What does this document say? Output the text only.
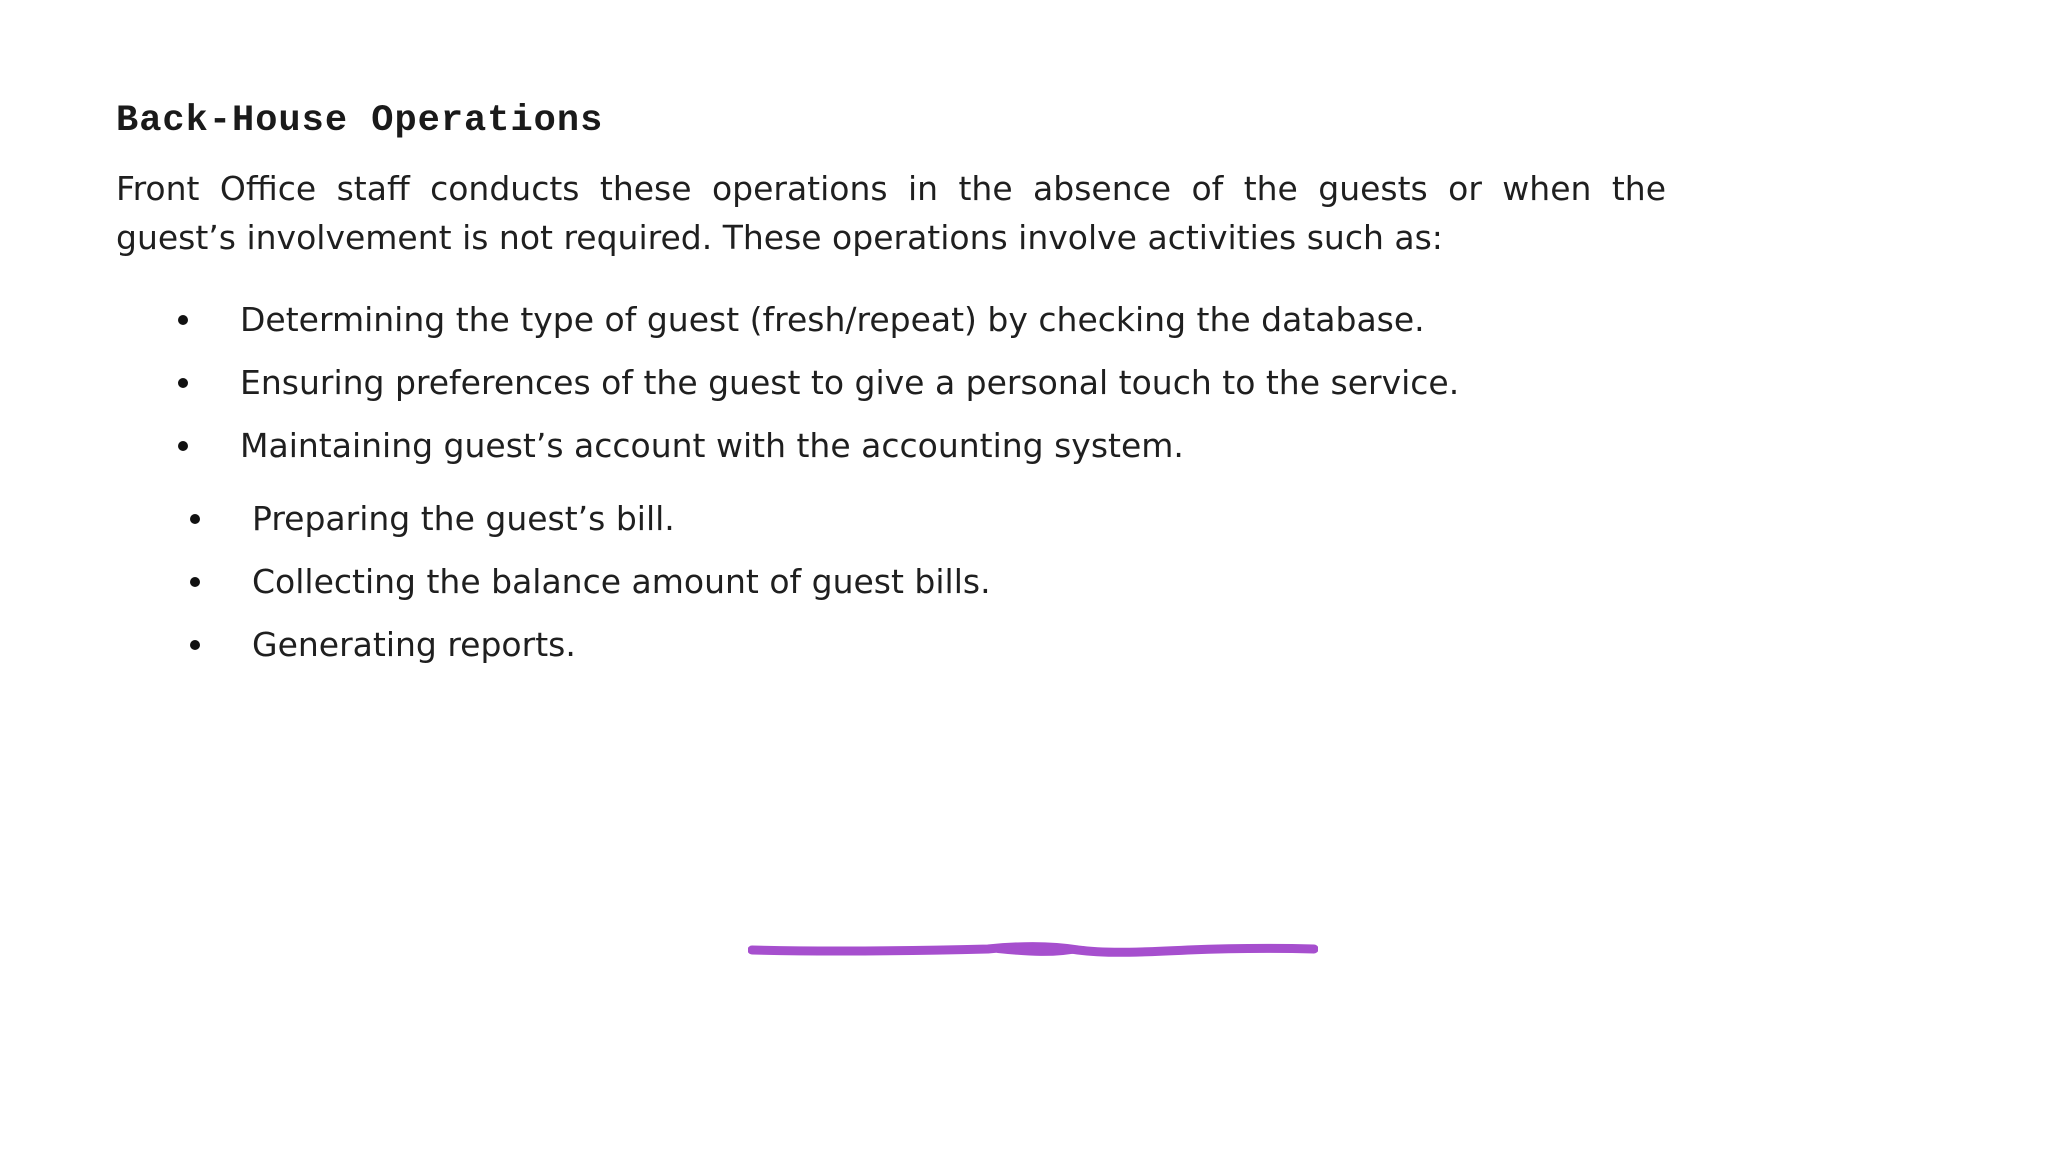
Back-House Operations

Front Office staff conducts these operations in the absence of the guests or when the
guest’s involvement is not required. These operations involve activities such as:

Determining the type of guest (fresh/repeat) by checking the database.
Ensuring preferences of the guest to give a personal touch to the service.
Maintaining guest’s account with the accounting system.
Preparing the guest’s bill.
Collecting the balance amount of guest bills.
Generating reports.
